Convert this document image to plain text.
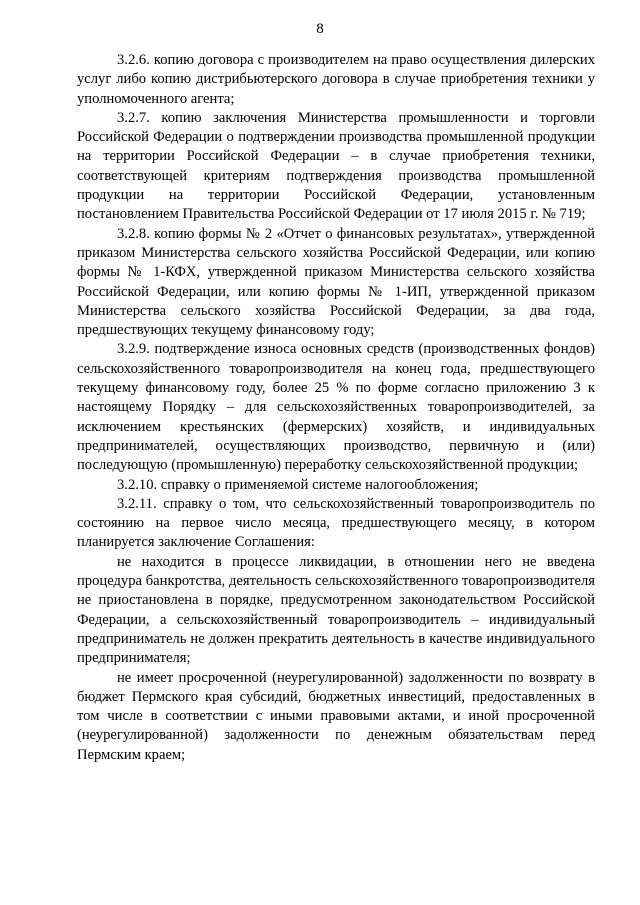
8

3.2.6. копию договора с производителем на право осуществления дилерских услуг либо копию дистрибьютерского договора в случае приобретения техники у уполномоченного агента;

3.2.7. копию заключения Министерства промышленности и торговли Российской Федерации о подтверждении производства промышленной продукции на территории Российской Федерации – в случае приобретения техники, соответствующей критериям подтверждения производства промышленной продукции на территории Российской Федерации, установленным постановлением Правительства Российской Федерации от 17 июля 2015 г. № 719;

3.2.8. копию формы № 2 «Отчет о финансовых результатах», утвержденной приказом Министерства сельского хозяйства Российской Федерации, или копию формы № 1-КФХ, утвержденной приказом Министерства сельского хозяйства Российской Федерации, или копию формы № 1-ИП, утвержденной приказом Министерства сельского хозяйства Российской Федерации, за два года, предшествующих текущему финансовому году;

3.2.9. подтверждение износа основных средств (производственных фондов) сельскохозяйственного товаропроизводителя на конец года, предшествующего текущему финансовому году, более 25 % по форме согласно приложению 3 к настоящему Порядку – для сельскохозяйственных товаропроизводителей, за исключением крестьянских (фермерских) хозяйств, и индивидуальных предпринимателей, осуществляющих производство, первичную и (или) последующую (промышленную) переработку сельскохозяйственной продукции;

3.2.10. справку о применяемой системе налогообложения;

3.2.11. справку о том, что сельскохозяйственный товаропроизводитель по состоянию на первое число месяца, предшествующего месяцу, в котором планируется заключение Соглашения:

не находится в процессе ликвидации, в отношении него не введена процедура банкротства, деятельность сельскохозяйственного товаропроизводителя не приостановлена в порядке, предусмотренном законодательством Российской Федерации, а сельскохозяйственный товаропроизводитель – индивидуальный предприниматель не должен прекратить деятельность в качестве индивидуального предпринимателя;

не имеет просроченной (неурегулированной) задолженности по возврату в бюджет Пермского края субсидий, бюджетных инвестиций, предоставленных в том числе в соответствии с иными правовыми актами, и иной просроченной (неурегулированной) задолженности по денежным обязательствам перед Пермским краем;
